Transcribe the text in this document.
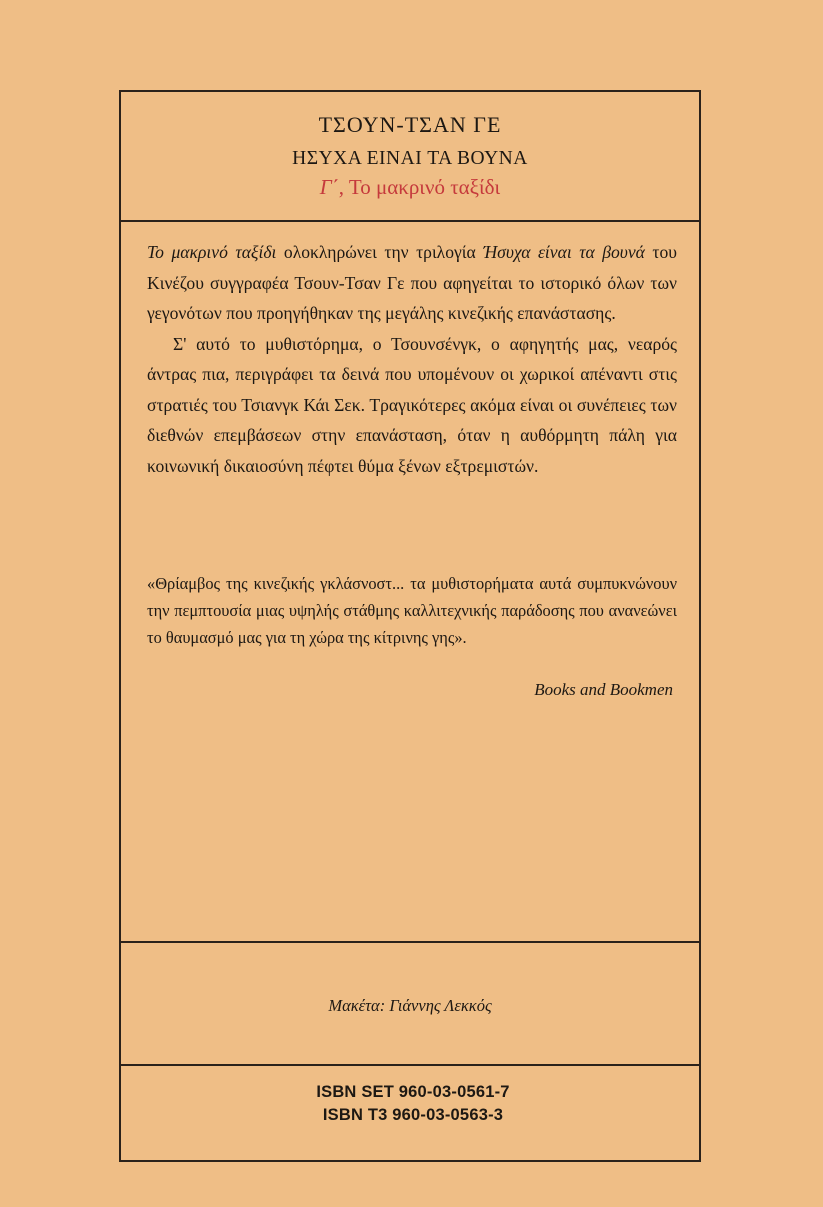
ΤΣΟΥΝ-ΤΣΑΝ ΓΕ
ΗΣΥΧΑ ΕΙΝΑΙ ΤΑ ΒΟΥΝΑ
Γ΄, Το μακρινό ταξίδι

Το μακρινό ταξίδι ολοκληρώνει την τριλογία Ήσυχα είναι τα βουνά του Κινέζου συγγραφέα Τσουν-Τσαν Γε που αφηγείται το ιστορικό όλων των γεγονότων που προηγήθηκαν της μεγάλης κινεζικής επανάστασης.

Σ' αυτό το μυθιστόρημα, ο Τσουνσένγκ, ο αφηγητής μας, νεαρός άντρας πια, περιγράφει τα δεινά που υπομένουν οι χωρικοί απέναντι στις στρατιές του Τσιανγκ Κάι Σεκ. Τραγικότερες ακόμα είναι οι συνέπειες των διεθνών επεμβάσεων στην επανάσταση, όταν η αυθόρμητη πάλη για κοινωνική δικαιοσύνη πέφτει θύμα ξένων εξτρεμιστών.

«Θρίαμβος της κινεζικής γκλάσνοστ... τα μυθιστορήματα αυτά συμπυκνώνουν την πεμπτουσία μιας υψηλής στάθμης καλλιτεχνικής παράδοσης που ανανεώνει το θαυμασμό μας για τη χώρα της κίτρινης γης».
Books and Bookmen
Μακέτα: Γιάννης Λεκκός
ISBN SET 960-03-0561-7
ISBN T3 960-03-0563-3
